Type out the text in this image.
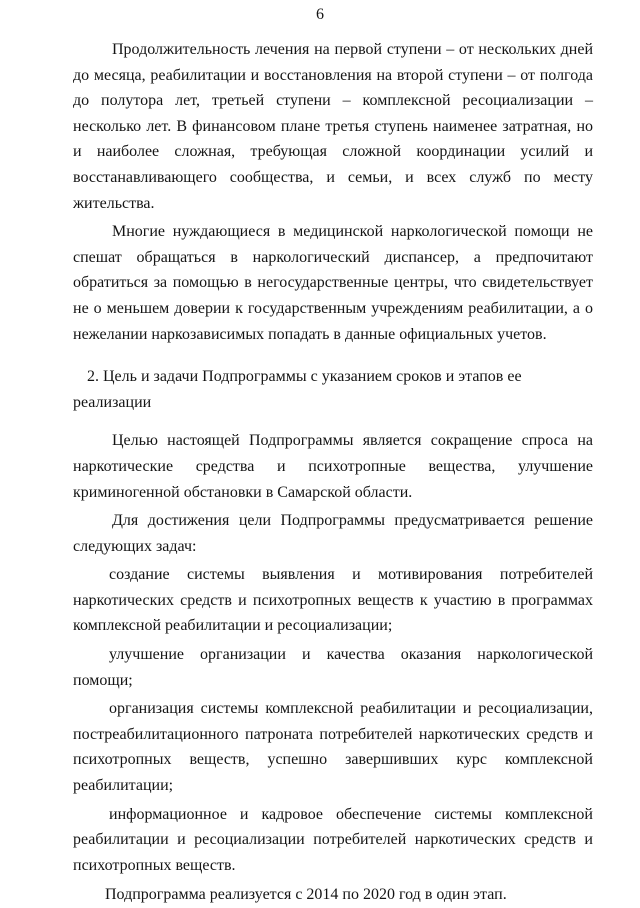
6

Продолжительность лечения на первой ступени – от нескольких дней до месяца, реабилитации и восстановления на второй ступени – от полгода до полутора лет, третьей ступени – комплексной ресоциализации – несколько лет. В финансовом плане третья ступень наименее затратная, но и наиболее сложная, требующая сложной координации усилий и восстанавливающего сообщества, и семьи, и всех служб по месту жительства.

Многие нуждающиеся в медицинской наркологической помощи не спешат обращаться в наркологический диспансер, а предпочитают обратиться за помощью в негосударственные центры, что свидетельствует не о меньшем доверии к государственным учреждениям реабилитации, а о нежелании наркозависимых попадать в данные официальных учетов.

2. Цель и задачи Подпрограммы с указанием сроков и этапов ее реализации

Целью настоящей Подпрограммы является сокращение спроса на наркотические средства и психотропные вещества, улучшение криминогенной обстановки в Самарской области.

Для достижения цели Подпрограммы предусматривается решение следующих задач:

создание системы выявления и мотивирования потребителей наркотических средств и психотропных веществ к участию в программах комплексной реабилитации и ресоциализации;

улучшение организации и качества оказания наркологической помощи;

организация системы комплексной реабилитации и ресоциализации, постреабилитационного патроната потребителей наркотических средств и психотропных веществ, успешно завершивших курс комплексной реабилитации;

информационное и кадровое обеспечение системы комплексной реабилитации и ресоциализации потребителей наркотических средств и психотропных веществ.

Подпрограмма реализуется с 2014 по 2020 год в один этап.
